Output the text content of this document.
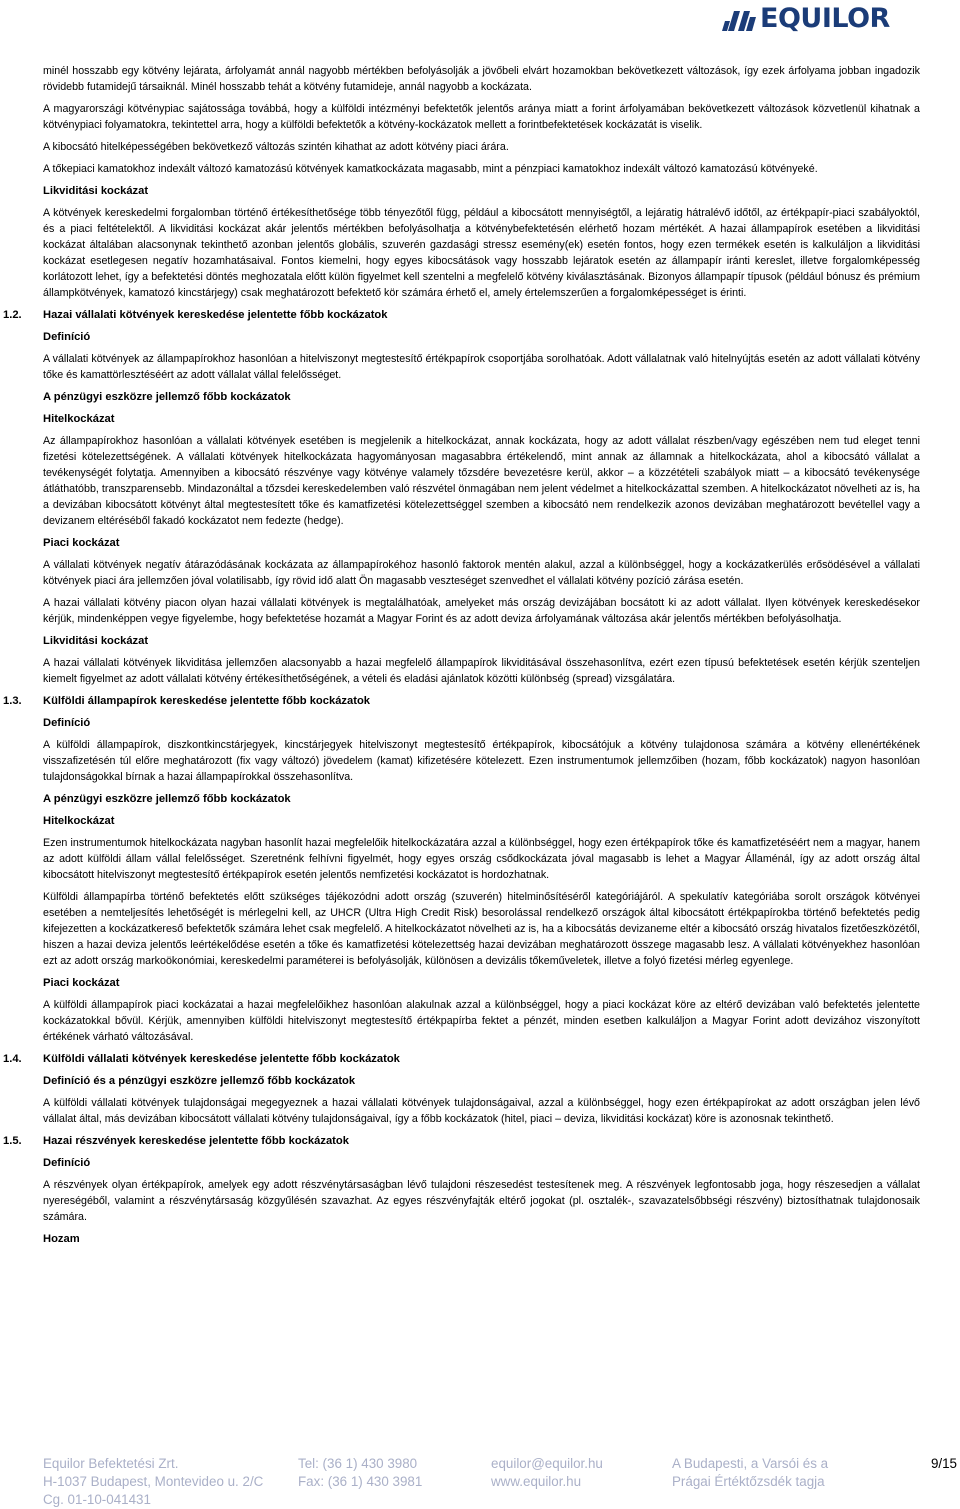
EQUILOR

minél hosszabb egy kötvény lejárata, árfolyamát annál nagyobb mértékben befolyásolják a jövőbeli elvárt hozamokban bekövetkezett változások, így ezek árfolyama jobban ingadozik rövidebb futamidejű társaiknál. Minél hosszabb tehát a kötvény futamideje, annál nagyobb a kockázata.

A magyarországi kötvénypiac sajátossága továbbá, hogy a külföldi intézményi befektetők jelentős aránya miatt a forint árfolyamában bekövetkezett változások közvetlenül kihatnak a kötvénypiaci folyamatokra, tekintettel arra, hogy a külföldi befektetők a kötvény-kockázatok mellett a forintbefektetések kockázatát is viselik.

A kibocsátó hitelképességében bekövetkező változás szintén kihathat az adott kötvény piaci árára.

A tőkepiaci kamatokhoz indexált változó kamatozású kötvények kamatkockázata magasabb, mint a pénzpiaci kamatokhoz indexált változó kamatozású kötvényeké.

Likviditási kockázat

A kötvények kereskedelmi forgalomban történő értékesíthetősége több tényezőtől függ, például a kibocsátott mennyiségtől, a lejáratig hátralévő időtől, az értékpapír-piaci szabályoktól, és a piaci feltételektől. A likviditási kockázat akár jelentős mértékben befolyásolhatja a kötvénybefektetésén elérhető hozam mértékét. A hazai állampapírok esetében a likviditási kockázat általában alacsonynak tekinthető azonban jelentős globális, szuverén gazdasági stressz esemény(ek) esetén fontos, hogy ezen termékek esetén is kalkuláljon a likviditási kockázat esetlegesen negatív hozamhatásaival. Fontos kiemelni, hogy egyes kibocsátások vagy hosszabb lejáratok esetén az állampapír iránti kereslet, illetve forgalomképesség korlátozott lehet, így a befektetési döntés meghozatala előtt külön figyelmet kell szentelni a megfelelő kötvény kiválasztásának. Bizonyos állampapír típusok (például bónusz és prémium állampkötvények, kamatozó kincstárjegy) csak meghatározott befektető kör számára érhető el, amely értelemszerűen a forgalomképességet is érinti.

1.2. Hazai vállalati kötvények kereskedése jelentette főbb kockázatok
Definíció

A vállalati kötvények az állampapírokhoz hasonlóan a hitelviszonyt megtestesítő értékpapírok csoportjába sorolhatóak. Adott vállalatnak való hitelnyújtás esetén az adott vállalati kötvény tőke és kamattörlesztéséért az adott vállalat vállal felelősséget.

A pénzügyi eszközre jellemző főbb kockázatok
Hitelkockázat

Az állampapírokhoz hasonlóan a vállalati kötvények esetében is megjelenik a hitelkockázat, annak kockázata, hogy az adott vállalat részben/vagy egészében nem tud eleget tenni fizetési kötelezettségének. A vállalati kötvények hitelkockázata hagyományosan magasabbra értékelendő, mint annak az államnak a hitelkockázata, ahol a kibocsátó vállalat a tevékenységét folytatja. Amennyiben a kibocsátó részvénye vagy kötvénye valamely tőzsdére bevezetésre kerül, akkor – a közzétételi szabályok miatt – a kibocsátó tevékenysége átláthatóbb, transzparensebb. Mindazonáltal a tőzsdei kereskedelemben való részvétel önmagában nem jelent védelmet a hitelkockázattal szemben. A hitelkockázatot növelheti az is, ha a devizában kibocsátott kötvényt által megtestesített tőke és kamatfizetési kötelezettséggel szemben a kibocsátó nem rendelkezik azonos devizában meghatározott bevétellel vagy a devizanem eltéréséből fakadó kockázatot nem fedezte (hedge).

Piaci kockázat

A vállalati kötvények negatív átárazódásának kockázata az állampapírokéhoz hasonló faktorok mentén alakul, azzal a különbséggel, hogy a kockázatkerülés erősödésével a vállalati kötvények piaci ára jellemzően jóval volatilisabb, így rövid idő alatt Ön magasabb veszteséget szenvedhet el vállalati kötvény pozíció zárása esetén.

A hazai vállalati kötvény piacon olyan hazai vállalati kötvények is megtalálhatóak, amelyeket más ország devizájában bocsátott ki az adott vállalat. Ilyen kötvények kereskedésekor kérjük, mindenképpen vegye figyelembe, hogy befektetése hozamát a Magyar Forint és az adott deviza árfolyamának változása akár jelentős mértékben befolyásolhatja.

Likviditási kockázat

A hazai vállalati kötvények likviditása jellemzően alacsonyabb a hazai megfelelő állampapírok likviditásával összehasonlítva, ezért ezen típusú befektetések esetén kérjük szenteljen kiemelt figyelmet az adott vállalati kötvény értékesíthetőségének, a vételi és eladási ajánlatok közötti különbség (spread) vizsgálatára.

1.3. Külföldi állampapírok kereskedése jelentette főbb kockázatok
Definíció

A külföldi állampapírok, diszkontkincstárjegyek, kincstárjegyek hitelviszonyt megtestesítő értékpapírok, kibocsátójuk a kötvény tulajdonosa számára a kötvény ellenértékének visszafizetésén túl előre meghatározott (fix vagy változó) jövedelem (kamat) kifizetésére kötelezett. Ezen instrumentumok jellemzőiben (hozam, főbb kockázatok) nagyon hasonlóan tulajdonságokkal bírnak a hazai állampapírokkal összehasonlítva.

A pénzügyi eszközre jellemző főbb kockázatok
Hitelkockázat

Ezen instrumentumok hitelkockázata nagyban hasonlít hazai megfelelőik hitelkockázatára azzal a különbséggel, hogy ezen értékpapírok tőke és kamatfizetéséért nem a magyar, hanem az adott külföldi állam vállal felelősséget. Szeretnénk felhívni figyelmét, hogy egyes ország csődkockázata jóval magasabb is lehet a Magyar Államénál, így az adott ország által kibocsátott hitelviszonyt megtestesítő értékpapírok esetén jelentős nemfizetési kockázatot is hordozhatnak.

Külföldi állampapírba történő befektetés előtt szükséges tájékozódni adott ország (szuverén) hitelminősítéséről kategóriájáról. A spekulatív kategóriába sorolt országok kötvényei esetében a nemteljesítés lehetőségét is mérlegelni kell, az UHCR (Ultra High Credit Risk) besorolással rendelkező országok által kibocsátott értékpapírokba történő befektetés pedig kifejezetten a kockázatkereső befektetők számára lehet csak megfelelő. A hitelkockázatot növelheti az is, ha a kibocsátás devizaneme eltér a kibocsátó ország hivatalos fizetőeszközétől, hiszen a hazai deviza jelentős leértékelődése esetén a tőke és kamatfizetési kötelezettség hazai devizában meghatározott összege magasabb lesz. A vállalati kötvényekhez hasonlóan ezt az adott ország markoökonómiai, kereskedelmi paraméterei is befolyásolják, különösen a devizális tőkeműveletek, illetve a folyó fizetési mérleg egyenlege.

Piaci kockázat

A külföldi állampapírok piaci kockázatai a hazai megfelelőikhez hasonlóan alakulnak azzal a különbséggel, hogy a piaci kockázat köre az eltérő devizában való befektetés jelentette kockázatokkal bővül. Kérjük, amennyiben külföldi hitelviszonyt megtestesítő értékpapírba fektet a pénzét, minden esetben kalkuláljon a Magyar Forint adott devizához viszonyított értékének várható változásával.

1.4. Külföldi vállalati kötvények kereskedése jelentette főbb kockázatok
Definíció és a pénzügyi eszközre jellemző főbb kockázatok

A külföldi vállalati kötvények tulajdonságai megegyeznek a hazai vállalati kötvények tulajdonságaival, azzal a különbséggel, hogy ezen értékpapírokat az adott országban jelen lévő vállalat által, más devizában kibocsátott vállalati kötvény tulajdonságaival, így a főbb kockázatok (hitel, piaci – deviza, likviditási kockázat) köre is azonosnak tekinthető.

1.5. Hazai részvények kereskedése jelentette főbb kockázatok
Definíció

A részvények olyan értékpapírok, amelyek egy adott részvénytársaságban lévő tulajdoni részesedést testesítenek meg. A részvények legfontosabb joga, hogy részesedjen a vállalat nyereségéből, valamint a részvénytársaság közgyűlésén szavazhat. Az egyes részvényfajták eltérő jogokat (pl. osztalék-, szavazatelsőbbségi részvény) biztosíthatnak tulajdonosaik számára.

Hozam
Equilor Befektetési Zrt.
H-1037 Budapest, Montevideo u. 2/C
Cg. 01-10-041431
Tel: (36 1) 430 3980
Fax: (36 1) 430 3981
equilor@equilor.hu
www.equilor.hu
A Budapesti, a Varsói és a
Prágai Értéktőzsdék tagja
9/15
